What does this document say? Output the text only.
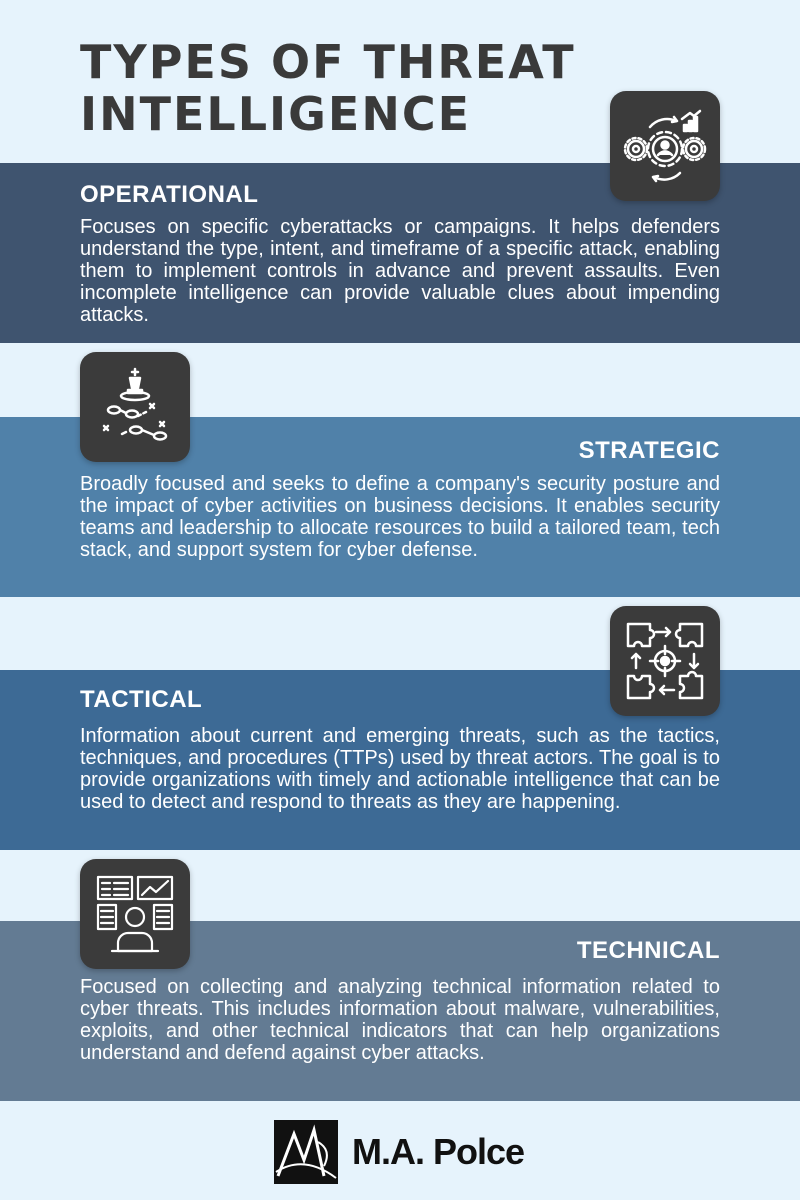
TYPES OF THREAT INTELLIGENCE
OPERATIONAL

Focuses on specific cyberattacks or campaigns. It helps defenders understand the type, intent, and timeframe of a specific attack, enabling them to implement controls in advance and prevent assaults. Even incomplete intelligence can provide valuable clues about impending attacks.

STRATEGIC

Broadly focused and seeks to define a company's security posture and the impact of cyber activities on business decisions. It enables security teams and leadership to allocate resources to build a tailored team, tech stack, and support system for cyber defense.

TACTICAL

Information about current and emerging threats, such as the tactics, techniques, and procedures (TTPs) used by threat actors. The goal is to provide organizations with timely and actionable intelligence that can be used to detect and respond to threats as they are happening.

TECHNICAL

Focused on collecting and analyzing technical information related to cyber threats. This includes information about malware, vulnerabilities, exploits, and other technical indicators that can help organizations understand and defend against cyber attacks.

M.A. Polce
